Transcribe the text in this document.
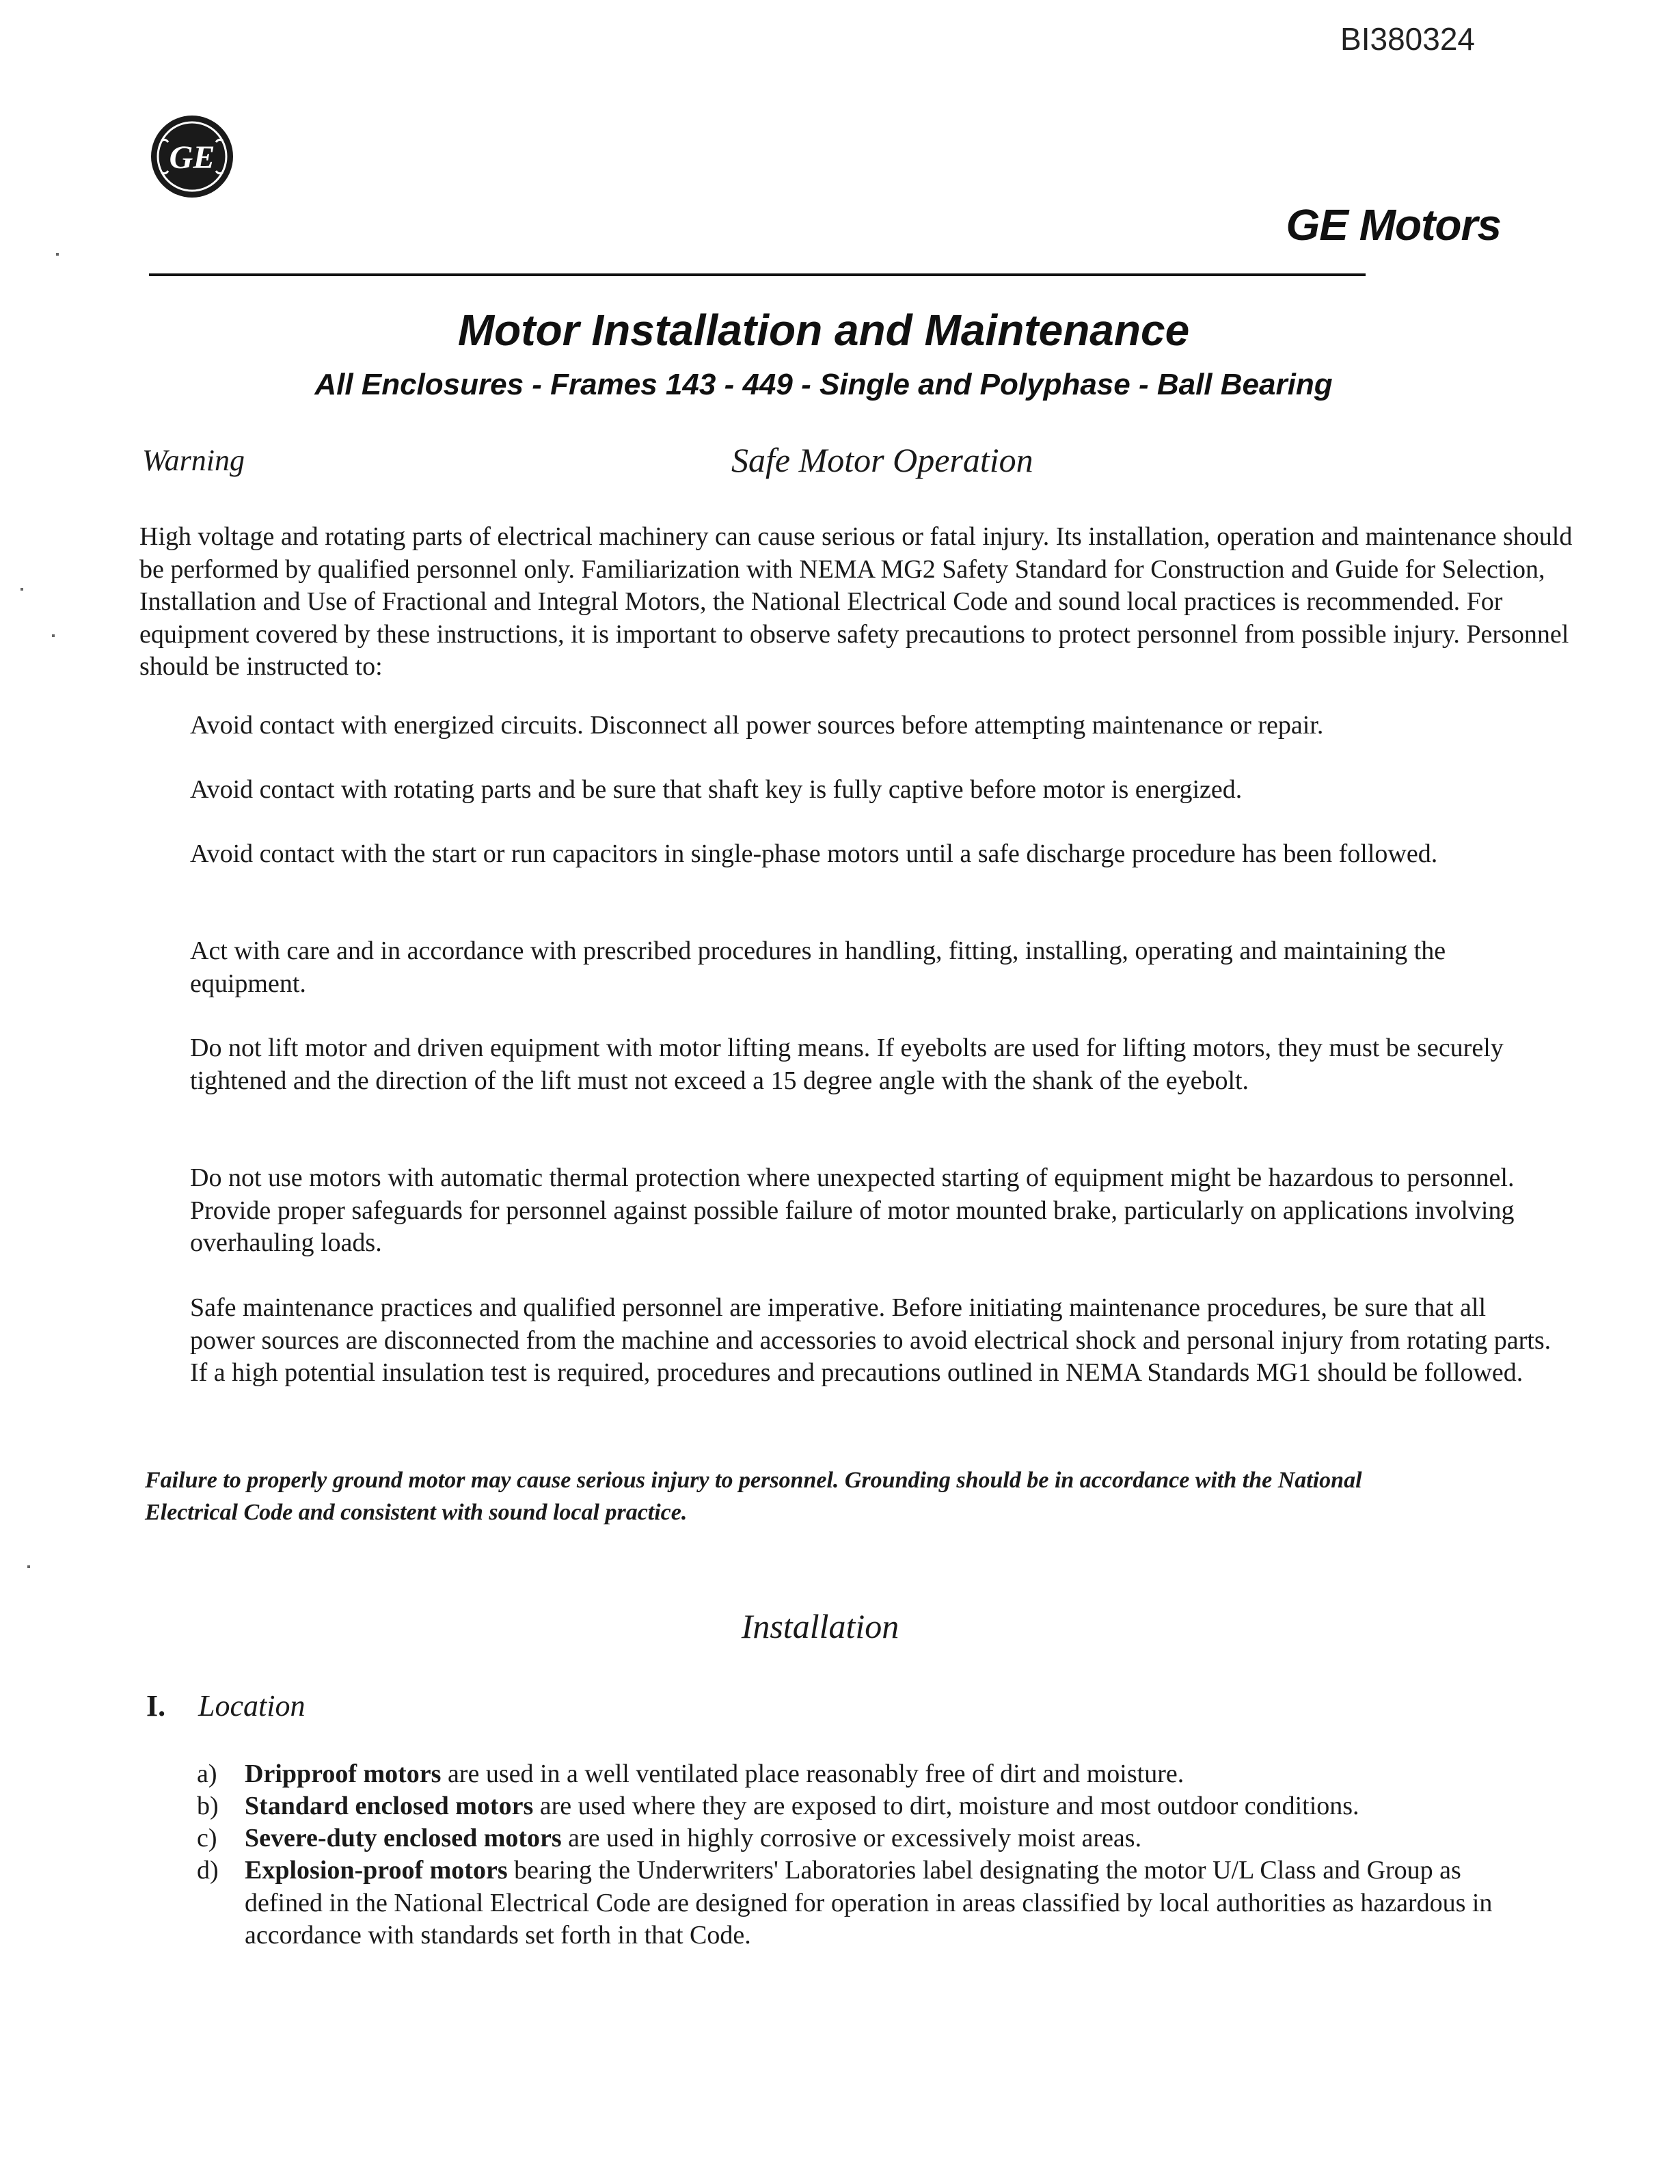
BI380324
GE
GE Motors
Motor Installation and Maintenance
All Enclosures - Frames 143 - 449 - Single and Polyphase - Ball Bearing
Warning	Safe Motor Operation
High voltage and rotating parts of electrical machinery can cause serious or fatal injury. Its installation, operation and maintenance should be performed by qualified personnel only. Familiarization with NEMA MG2 Safety Standard for Construction and Guide for Selection, Installation and Use of Fractional and Integral Motors, the National Electrical Code and sound local practices is recommended. For equipment covered by these instructions, it is important to observe safety precautions to protect personnel from possible injury. Personnel should be instructed to:
Avoid contact with energized circuits. Disconnect all power sources before attempting maintenance or repair.
Avoid contact with rotating parts and be sure that shaft key is fully captive before motor is energized.
Avoid contact with the start or run capacitors in single-phase motors until a safe discharge procedure has been followed.
Act with care and in accordance with prescribed procedures in handling, fitting, installing, operating and maintaining the equipment.
Do not lift motor and driven equipment with motor lifting means. If eyebolts are used for lifting motors, they must be securely tightened and the direction of the lift must not exceed a 15 degree angle with the shank of the eyebolt.
Do not use motors with automatic thermal protection where unexpected starting of equipment might be hazardous to personnel. Provide proper safeguards for personnel against possible failure of motor mounted brake, particularly on applications involving overhauling loads.
Safe maintenance practices and qualified personnel are imperative. Before initiating maintenance procedures, be sure that all power sources are disconnected from the machine and accessories to avoid electrical shock and personal injury from rotating parts. If a high potential insulation test is required, procedures and precautions outlined in NEMA Standards MG1 should be followed.
Failure to properly ground motor may cause serious injury to personnel. Grounding should be in accordance with the National Electrical Code and consistent with sound local practice.
Installation
I. Location
a) Dripproof motors are used in a well ventilated place reasonably free of dirt and moisture.
b) Standard enclosed motors are used where they are exposed to dirt, moisture and most outdoor conditions.
c) Severe-duty enclosed motors are used in highly corrosive or excessively moist areas.
d) Explosion-proof motors bearing the Underwriters' Laboratories label designating the motor U/L Class and Group as defined in the National Electrical Code are designed for operation in areas classified by local authorities as hazardous in accordance with standards set forth in that Code.
